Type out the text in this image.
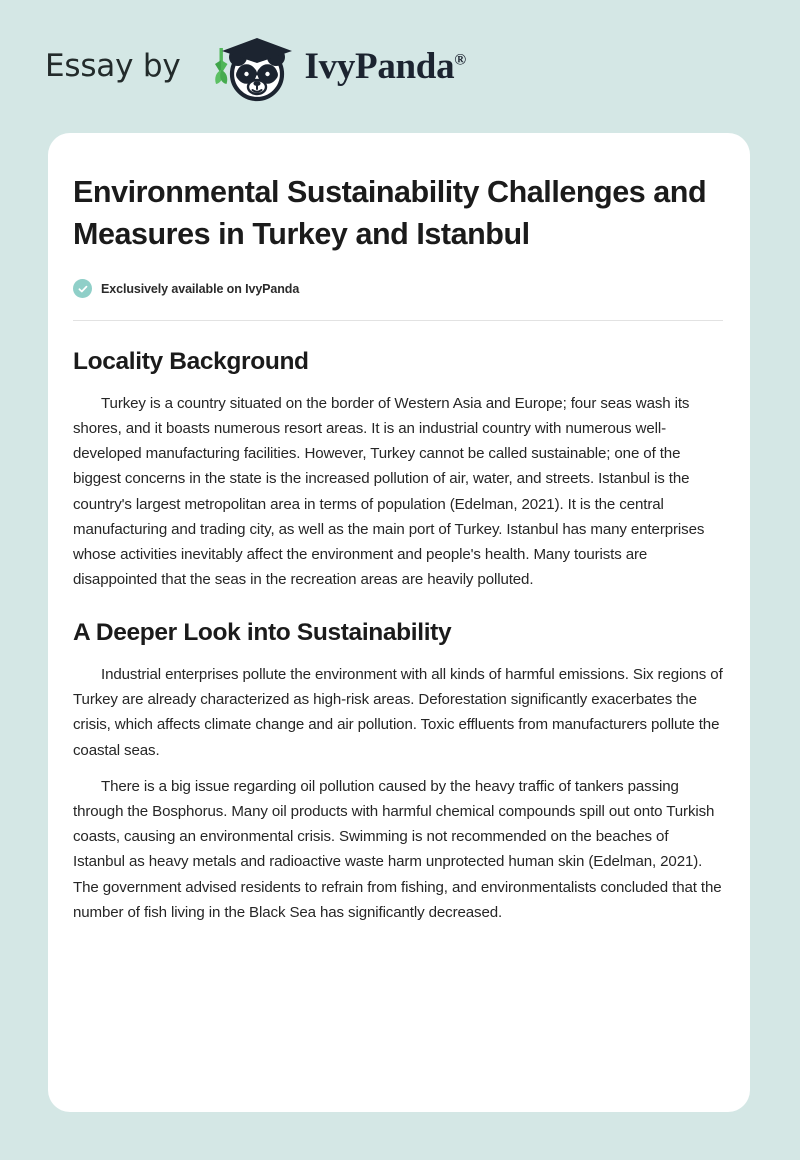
Essay by	IvyPanda®
Environmental Sustainability Challenges and Measures in Turkey and Istanbul
Exclusively available on IvyPanda
Locality Background

Turkey is a country situated on the border of Western Asia and Europe; four seas wash its shores, and it boasts numerous resort areas. It is an industrial country with numerous well-developed manufacturing facilities. However, Turkey cannot be called sustainable; one of the biggest concerns in the state is the increased pollution of air, water, and streets. Istanbul is the country's largest metropolitan area in terms of population (Edelman, 2021). It is the central manufacturing and trading city, as well as the main port of Turkey. Istanbul has many enterprises whose activities inevitably affect the environment and people's health. Many tourists are disappointed that the seas in the recreation areas are heavily polluted.

A Deeper Look into Sustainability

Industrial enterprises pollute the environment with all kinds of harmful emissions. Six regions of Turkey are already characterized as high-risk areas. Deforestation significantly exacerbates the crisis, which affects climate change and air pollution. Toxic effluents from manufacturers pollute the coastal seas.

There is a big issue regarding oil pollution caused by the heavy traffic of tankers passing through the Bosphorus. Many oil products with harmful chemical compounds spill out onto Turkish coasts, causing an environmental crisis. Swimming is not recommended on the beaches of Istanbul as heavy metals and radioactive waste harm unprotected human skin (Edelman, 2021). The government advised residents to refrain from fishing, and environmentalists concluded that the number of fish living in the Black Sea has significantly decreased.
